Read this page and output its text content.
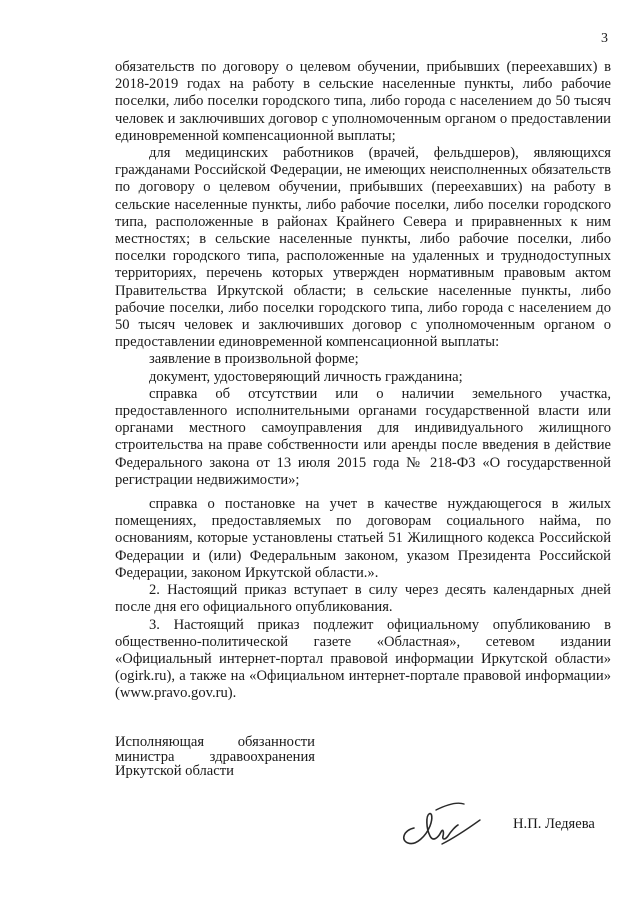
3

обязательств по договору о целевом обучении, прибывших (переехавших) в 2018-2019 годах на работу в сельские населенные пункты, либо рабочие поселки, либо поселки городского типа, либо города с населением до 50 тысяч человек и заключивших договор с уполномоченным органом о предоставлении единовременной компенсационной выплаты;

для медицинских работников (врачей, фельдшеров), являющихся гражданами Российской Федерации, не имеющих неисполненных обязательств по договору о целевом обучении, прибывших (переехавших) на работу в сельские населенные пункты, либо рабочие поселки, либо поселки городского типа, расположенные в районах Крайнего Севера и приравненных к ним местностях; в сельские населенные пункты, либо рабочие поселки, либо поселки городского типа, расположенные на удаленных и труднодоступных территориях, перечень которых утвержден нормативным правовым актом Правительства Иркутской области; в сельские населенные пункты, либо рабочие поселки, либо поселки городского типа, либо города с населением до 50 тысяч человек и заключивших договор с уполномоченным органом о предоставлении единовременной компенсационной выплаты:

заявление в произвольной форме;

документ, удостоверяющий личность гражданина;

справка об отсутствии или о наличии земельного участка, предоставленного исполнительными органами государственной власти или органами местного самоуправления для индивидуального жилищного строительства на праве собственности или аренды после введения в действие Федерального закона от 13 июля 2015 года № 218-ФЗ «О государственной регистрации недвижимости»;

справка о постановке на учет в качестве нуждающегося в жилых помещениях, предоставляемых по договорам социального найма, по основаниям, которые установлены статьей 51 Жилищного кодекса Российской Федерации и (или) Федеральным законом, указом Президента Российской Федерации, законом Иркутской области.».

2. Настоящий приказ вступает в силу через десять календарных дней после дня его официального опубликования.

3. Настоящий приказ подлежит официальному опубликованию в общественно-политической газете «Областная», сетевом издании «Официальный интернет-портал правовой информации Иркутской области» (ogirk.ru), а также на «Официальном интернет-портале правовой информации» (www.pravo.gov.ru).

Исполняющая обязанности
министра здравоохранения
Иркутской области
Н.П. Ледяева
